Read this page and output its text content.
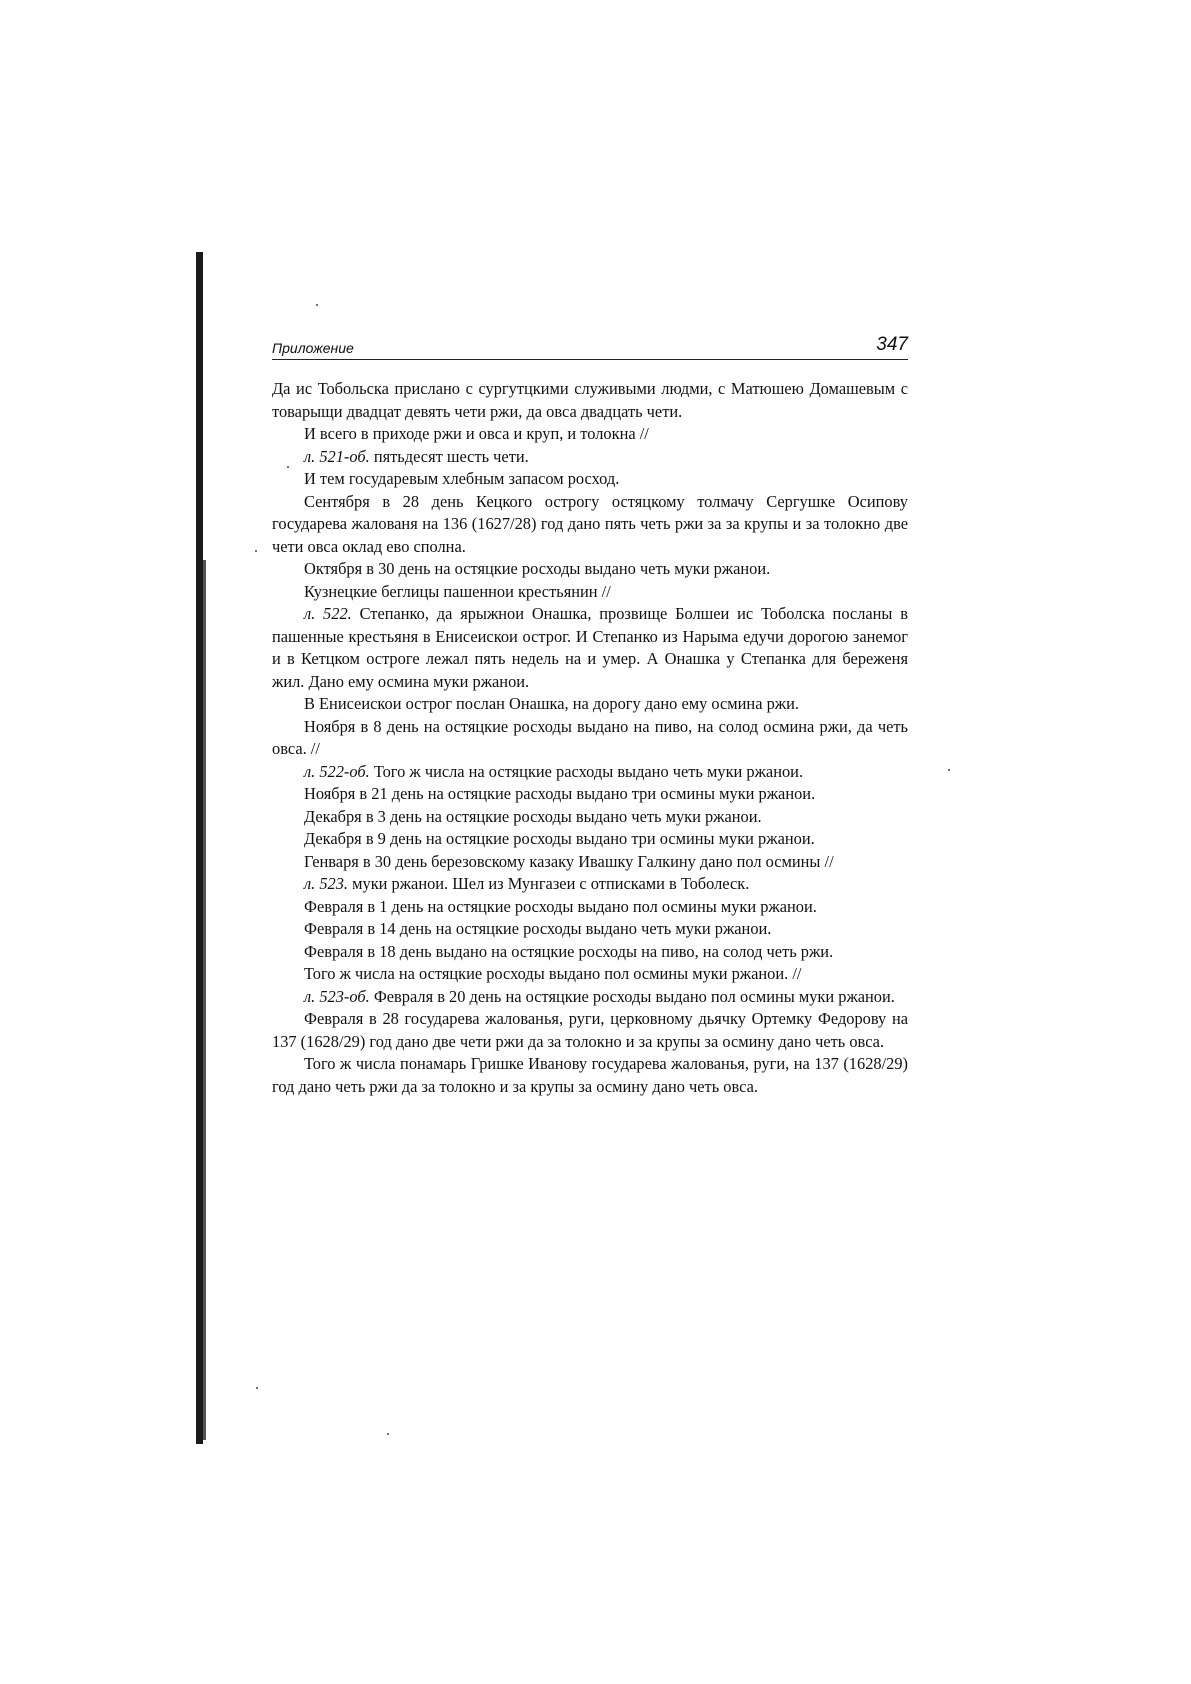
Приложение	347

Да ис Тобольска прислано с сургутцкими служивыми людми, с Матюшею Домашевым с товарыщи двадцат девять чети ржи, да овса двадцать чети.

И всего в приходе ржи и овса и круп, и толокна //

л. 521-об. пятьдесят шесть чети.

И тем государевым хлебным запасом росход.

Сентября в 28 день Кецкого острогу остяцкому толмачу Сергушке Осипову государева жалованя на 136 (1627/28) год дано пять четь ржи за за крупы и за толокно две чети овса оклад ево сполна.

Октября в 30 день на остяцкие росходы выдано четь муки ржанои.

Кузнецкие беглицы пашеннои крестьянин //

л. 522. Степанко, да ярыжнои Онашка, прозвище Болшеи ис Тоболска посланы в пашенные крестьяня в Енисеискои острог. И Степанко из Нарыма едучи дорогою занемог и в Кетцком остроге лежал пять недель на и умер. А Онашка у Степанка для береженя жил. Дано ему осмина муки ржанои.

В Енисеискои острог послан Онашка, на дорогу дано ему осмина ржи.

Ноября в 8 день на остяцкие росходы выдано на пиво, на солод осмина ржи, да четь овса. //

л. 522-об. Того ж числа на остяцкие расходы выдано четь муки ржанои.

Ноября в 21 день на остяцкие расходы выдано три осмины муки ржанои.

Декабря в 3 день на остяцкие росходы выдано четь муки ржанои.

Декабря в 9 день на остяцкие росходы выдано три осмины муки ржанои.

Генваря в 30 день березовскому казаку Ивашку Галкину дано пол осмины //

л. 523. муки ржанои. Шел из Мунгазеи с отписками в Тоболеск.

Февраля в 1 день на остяцкие росходы выдано пол осмины муки ржанои.

Февраля в 14 день на остяцкие росходы выдано четь муки ржанои.

Февраля в 18 день выдано на остяцкие росходы на пиво, на солод четь ржи.

Того ж числа на остяцкие росходы выдано пол осмины муки ржанои. //

л. 523-об. Февраля в 20 день на остяцкие росходы выдано пол осмины муки ржанои.

Февраля в 28 государева жалованья, руги, церковному дьячку Ортемку Федорову на 137 (1628/29) год дано две чети ржи да за толокно и за крупы за осмину дано четь овса.

Того ж числа понамарь Гришке Иванову государева жалованья, руги, на 137 (1628/29) год дано четь ржи да за толокно и за крупы за осмину дано четь овса.
